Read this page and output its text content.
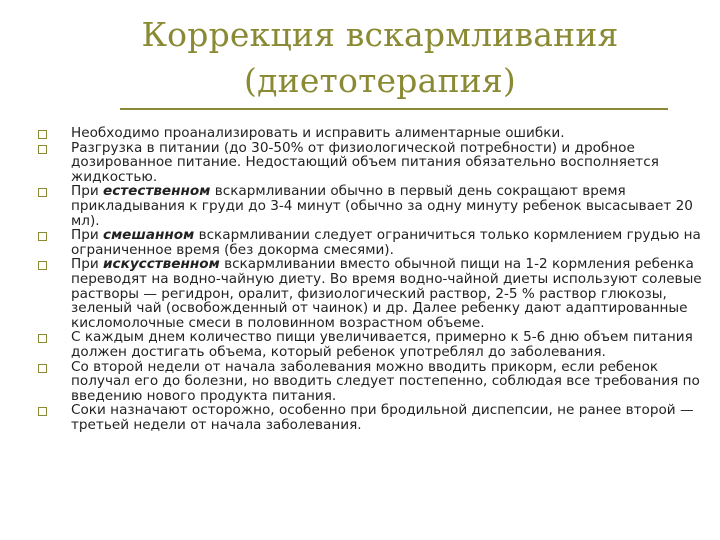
Коррекция вскармливания
(диетотерапия)
Необходимо проанализировать и исправить алиментарные ошибки.
Разгрузка в питании (до 30-50% от физиологической потребности) и дробное дозированное питание. Недостающий объем питания обязательно восполняется жидкостью.
При естественном вскармливании обычно в первый день сокращают время прикладывания к груди до 3-4 минут (обычно за одну минуту ребенок высасывает 20 мл).
При смешанном вскармливании следует ограничиться только кормлением грудью на ограниченное время (без докорма смесями).
При искусственном вскармливании вместо обычной пищи на 1-2 кормления ребенка переводят на водно-чайную диету. Во время водно-чайной диеты используют солевые растворы — регидрон, оралит, физиологический раствор, 2-5 % раствор глюкозы, зеленый чай (освобожденный от чаинок) и др. Далее ребенку дают адаптированные кисломолочные смеси в половинном возрастном объеме.
С каждым днем количество пищи увеличивается, примерно к 5-6 дню объем питания должен достигать объема, который ребенок употреблял до заболевания.
Со второй недели от начала заболевания можно вводить прикорм, если ребенок получал его до болезни, но вводить следует постепенно, соблюдая все требования по введению нового продукта питания.
Соки назначают осторожно, особенно при бродильной диспепсии, не ранее второй — третьей недели от начала заболевания.
